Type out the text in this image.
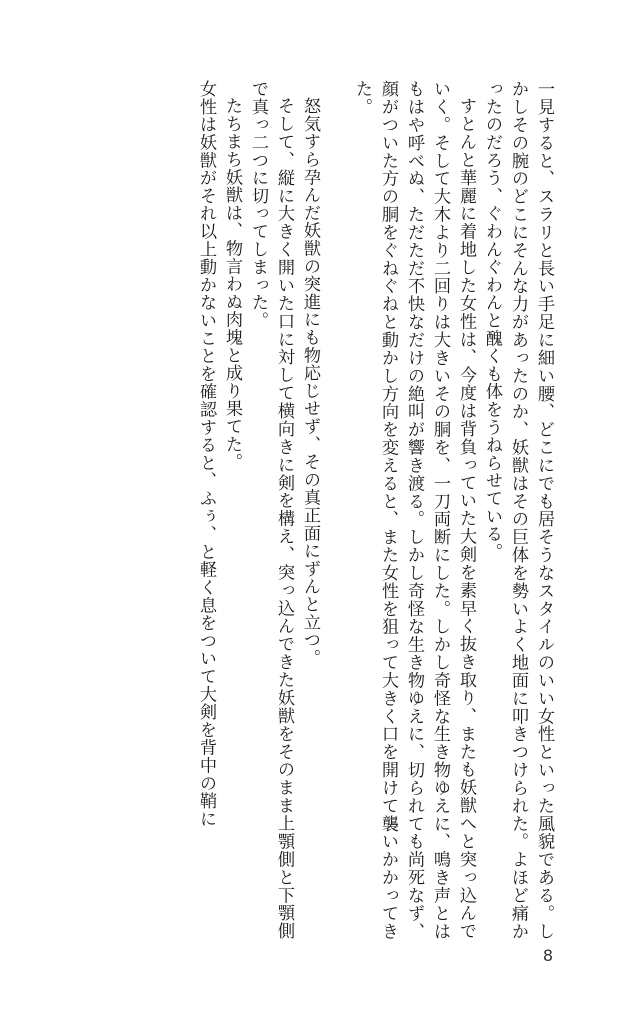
一見すると、スラリと長い手足に細い腰、どこにでも居そうなスタイルのいい女性といった風貌である。しかしその腕のどこにそんな力があったのか、妖獣はその巨体を勢いよく地面に叩きつけられた。よほど痛かったのだろう、ぐわんぐわんと醜くも体をうねらせている。

すとんと華麗に着地した女性は、今度は背負っていた大剣を素早く抜き取り、またも妖獣へと突っ込んでいく。そして大木より二回りは大きいその胴を、一刀両断にした。しかし奇怪な生き物ゆえに、鳴き声とはもはや呼べぬ、ただただ不快なだけの絶叫が響き渡る。しかし奇怪な生き物ゆえに、切られても尚死なず、顔がついた方の胴をぐねぐねと動かし方向を変えると、また女性を狙って大きく口を開けて襲いかかってきた。

怒気すら孕んだ妖獣の突進にも物応じせず、その真正面にずんと立つ。

そして、縦に大きく開いた口に対して横向きに剣を構え、突っ込んできた妖獣をそのまま上顎側と下顎側で真っ二つに切ってしまった。

たちまち妖獣は、物言わぬ肉塊と成り果てた。

女性は妖獣がそれ以上動かないことを確認すると、ふぅ、と軽く息をついて大剣を背中の鞘に

8
